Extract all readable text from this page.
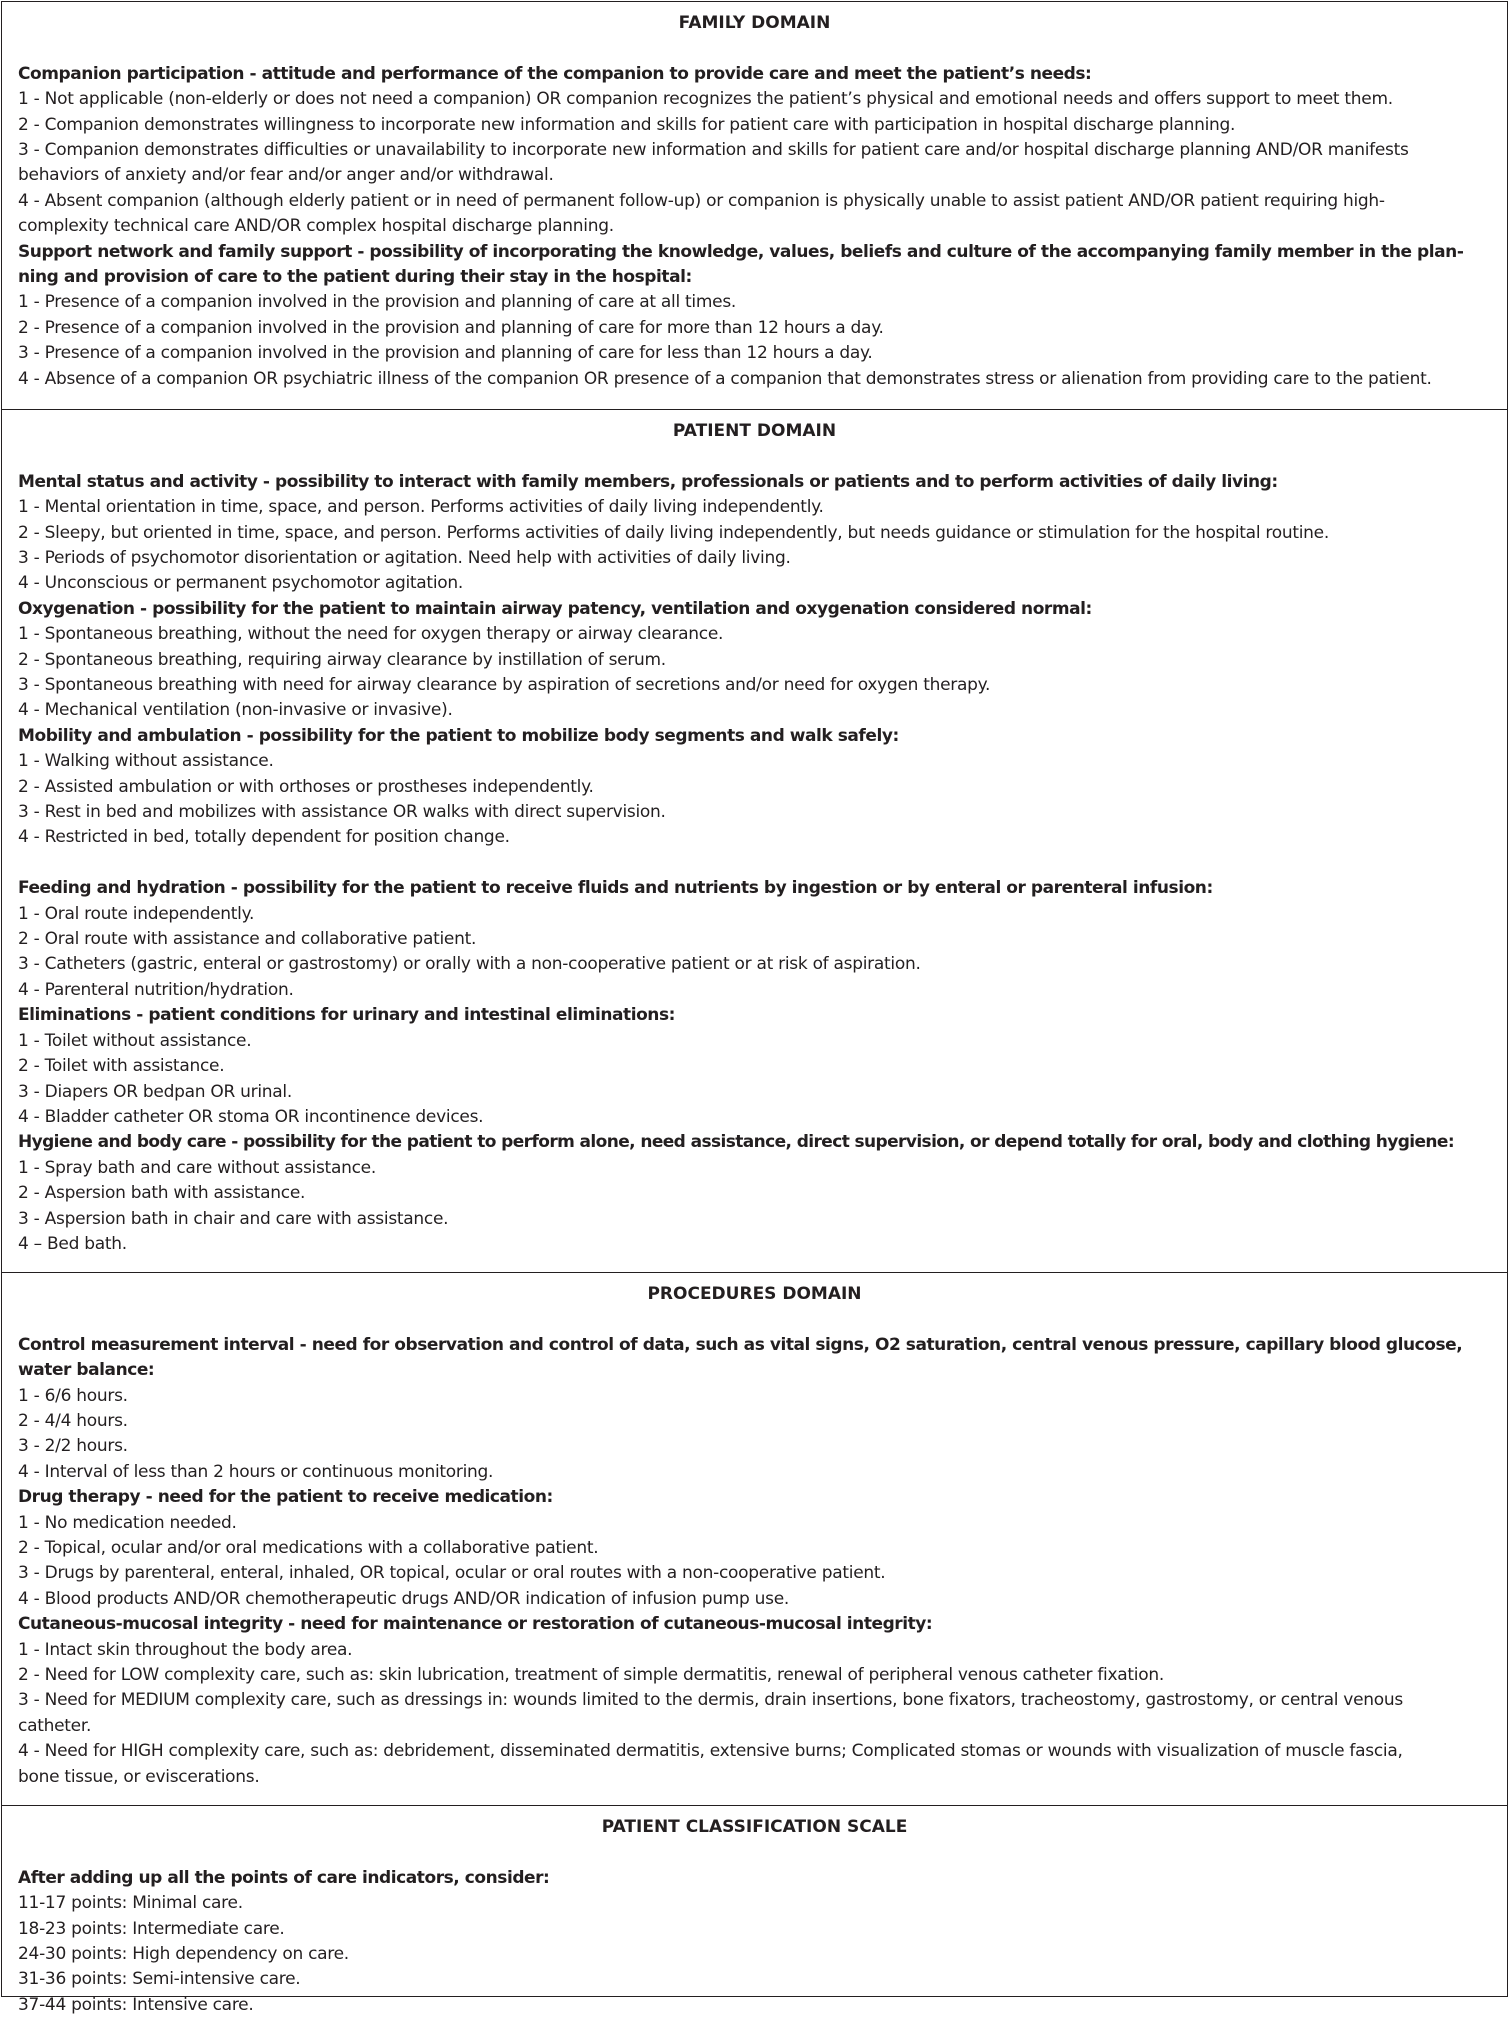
FAMILY DOMAIN
Companion participation - attitude and performance of the companion to provide care and meet the patient’s needs:
1 - Not applicable (non-elderly or does not need a companion) OR companion recognizes the patient’s physical and emotional needs and offers support to meet them.
2 - Companion demonstrates willingness to incorporate new information and skills for patient care with participation in hospital discharge planning.
3 - Companion demonstrates difficulties or unavailability to incorporate new information and skills for patient care and/or hospital discharge planning AND/OR manifests
behaviors of anxiety and/or fear and/or anger and/or withdrawal.
4 - Absent companion (although elderly patient or in need of permanent follow-up) or companion is physically unable to assist patient AND/OR patient requiring high-
complexity technical care AND/OR complex hospital discharge planning.
Support network and family support - possibility of incorporating the knowledge, values, beliefs and culture of the accompanying family member in the plan-
ning and provision of care to the patient during their stay in the hospital:
1 - Presence of a companion involved in the provision and planning of care at all times.
2 - Presence of a companion involved in the provision and planning of care for more than 12 hours a day.
3 - Presence of a companion involved in the provision and planning of care for less than 12 hours a day.
4 - Absence of a companion OR psychiatric illness of the companion OR presence of a companion that demonstrates stress or alienation from providing care to the patient.
PATIENT DOMAIN
Mental status and activity - possibility to interact with family members, professionals or patients and to perform activities of daily living:
1 - Mental orientation in time, space, and person. Performs activities of daily living independently.
2 - Sleepy, but oriented in time, space, and person. Performs activities of daily living independently, but needs guidance or stimulation for the hospital routine.
3 - Periods of psychomotor disorientation or agitation. Need help with activities of daily living.
4 - Unconscious or permanent psychomotor agitation.
Oxygenation - possibility for the patient to maintain airway patency, ventilation and oxygenation considered normal:
1 - Spontaneous breathing, without the need for oxygen therapy or airway clearance.
2 - Spontaneous breathing, requiring airway clearance by instillation of serum.
3 - Spontaneous breathing with need for airway clearance by aspiration of secretions and/or need for oxygen therapy.
4 - Mechanical ventilation (non-invasive or invasive).
Mobility and ambulation - possibility for the patient to mobilize body segments and walk safely:
1 - Walking without assistance.
2 - Assisted ambulation or with orthoses or prostheses independently.
3 - Rest in bed and mobilizes with assistance OR walks with direct supervision.
4 - Restricted in bed, totally dependent for position change.
Feeding and hydration - possibility for the patient to receive fluids and nutrients by ingestion or by enteral or parenteral infusion:
1 - Oral route independently.
2 - Oral route with assistance and collaborative patient.
3 - Catheters (gastric, enteral or gastrostomy) or orally with a non-cooperative patient or at risk of aspiration.
4 - Parenteral nutrition/hydration.
Eliminations - patient conditions for urinary and intestinal eliminations:
1 - Toilet without assistance.
2 - Toilet with assistance.
3 - Diapers OR bedpan OR urinal.
4 - Bladder catheter OR stoma OR incontinence devices.
Hygiene and body care - possibility for the patient to perform alone, need assistance, direct supervision, or depend totally for oral, body and clothing hygiene:
1 - Spray bath and care without assistance.
2 - Aspersion bath with assistance.
3 - Aspersion bath in chair and care with assistance.
4 – Bed bath.
PROCEDURES DOMAIN
Control measurement interval - need for observation and control of data, such as vital signs, O2 saturation, central venous pressure, capillary blood glucose,
water balance:
1 - 6/6 hours.
2 - 4/4 hours.
3 - 2/2 hours.
4 - Interval of less than 2 hours or continuous monitoring.
Drug therapy - need for the patient to receive medication:
1 - No medication needed.
2 - Topical, ocular and/or oral medications with a collaborative patient.
3 - Drugs by parenteral, enteral, inhaled, OR topical, ocular or oral routes with a non-cooperative patient.
4 - Blood products AND/OR chemotherapeutic drugs AND/OR indication of infusion pump use.
Cutaneous-mucosal integrity - need for maintenance or restoration of cutaneous-mucosal integrity:
1 - Intact skin throughout the body area.
2 - Need for LOW complexity care, such as: skin lubrication, treatment of simple dermatitis, renewal of peripheral venous catheter fixation.
3 - Need for MEDIUM complexity care, such as dressings in: wounds limited to the dermis, drain insertions, bone fixators, tracheostomy, gastrostomy, or central venous
catheter.
4 - Need for HIGH complexity care, such as: debridement, disseminated dermatitis, extensive burns; Complicated stomas or wounds with visualization of muscle fascia,
bone tissue, or eviscerations.
PATIENT CLASSIFICATION SCALE
After adding up all the points of care indicators, consider:
11-17 points: Minimal care.
18-23 points: Intermediate care.
24-30 points: High dependency on care.
31-36 points: Semi-intensive care.
37-44 points: Intensive care.
